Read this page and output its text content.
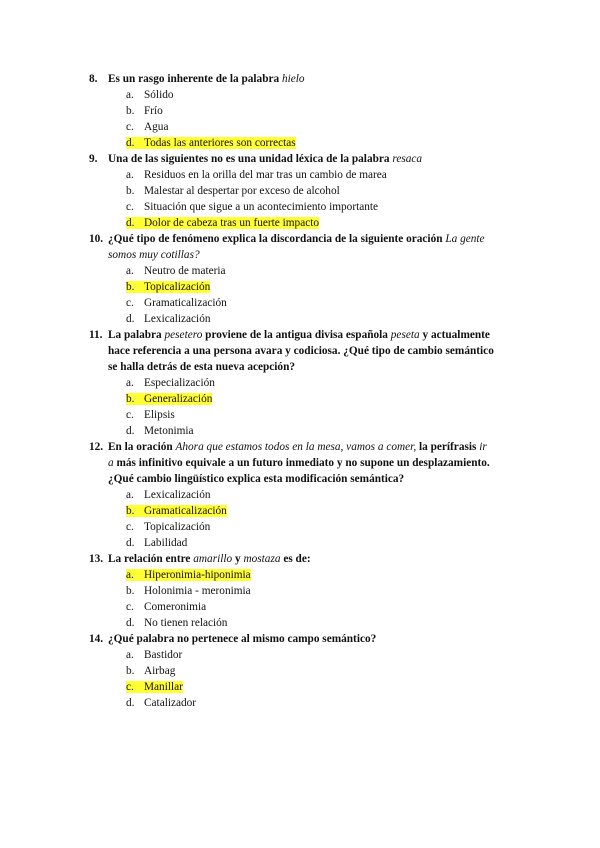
8. Es un rasgo inherente de la palabra hielo
a. Sólido
b. Frío
c. Agua
d. Todas las anteriores son correctas
9. Una de las siguientes no es una unidad léxica de la palabra resaca
a. Residuos en la orilla del mar tras un cambio de marea
b. Malestar al despertar por exceso de alcohol
c. Situación que sigue a un acontecimiento importante
d. Dolor de cabeza tras un fuerte impacto
10. ¿Qué tipo de fenómeno explica la discordancia de la siguiente oración La gente
somos muy cotillas?
a. Neutro de materia
b. Topicalización
c. Gramaticalización
d. Lexicalización
11. La palabra pesetero proviene de la antigua divisa española peseta y actualmente
hace referencia a una persona avara y codiciosa. ¿Qué tipo de cambio semántico
se halla detrás de esta nueva acepción?
a. Especialización
b. Generalización
c. Elipsis
d. Metonimia
12. En la oración Ahora que estamos todos en la mesa, vamos a comer, la perífrasis ir
a más infinitivo equivale a un futuro inmediato y no supone un desplazamiento.
¿Qué cambio lingüístico explica esta modificación semántica?
a. Lexicalización
b. Gramaticalización
c. Topicalización
d. Labilidad
13. La relación entre amarillo y mostaza es de:
a. Hiperonimia-hiponimia
b. Holonimia - meronimia
c. Comeronimia
d. No tienen relación
14. ¿Qué palabra no pertenece al mismo campo semántico?
a. Bastidor
b. Airbag
c. Manillar
d. Catalizador
